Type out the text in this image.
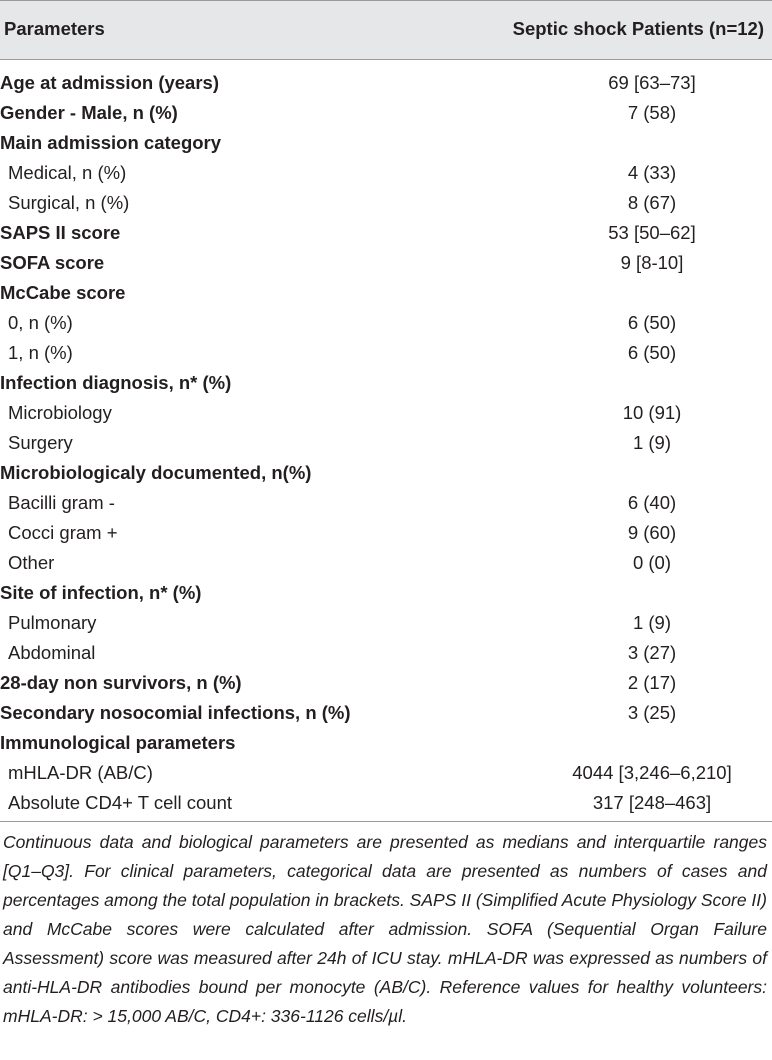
Parameters	Septic shock Patients (n=12)
Age at admission (years)	69 [63–73]
Gender - Male, n (%)	7 (58)
Main admission category	
Medical, n (%)	4 (33)
Surgical, n (%)	8 (67)
SAPS II score	53 [50–62]
SOFA score	9 [8-10]
McCabe score	
0, n (%)	6 (50)
1, n (%)	6 (50)
Infection diagnosis, n* (%)	
Microbiology	10 (91)
Surgery	1 (9)
Microbiologicaly documented, n(%)	
Bacilli gram -	6 (40)
Cocci gram +	9 (60)
Other	0 (0)
Site of infection, n* (%)	
Pulmonary	1 (9)
Abdominal	3 (27)
28-day non survivors, n (%)	2 (17)
Secondary nosocomial infections, n (%)	3 (25)
Immunological parameters	
mHLA-DR (AB/C)	4044 [3,246–6,210]
Absolute CD4+ T cell count	317 [248–463]
Continuous data and biological parameters are presented as medians and interquartile ranges [Q1–Q3]. For clinical parameters, categorical data are presented as numbers of cases and percentages among the total population in brackets. SAPS II (Simplified Acute Physiology Score II) and McCabe scores were calculated after admission. SOFA (Sequential Organ Failure Assessment) score was measured after 24h of ICU stay. mHLA-DR was expressed as numbers of anti-HLA-DR antibodies bound per monocyte (AB/C). Reference values for healthy volunteers: mHLA-DR: > 15,000 AB/C, CD4+: 336-1126 cells/µl.
